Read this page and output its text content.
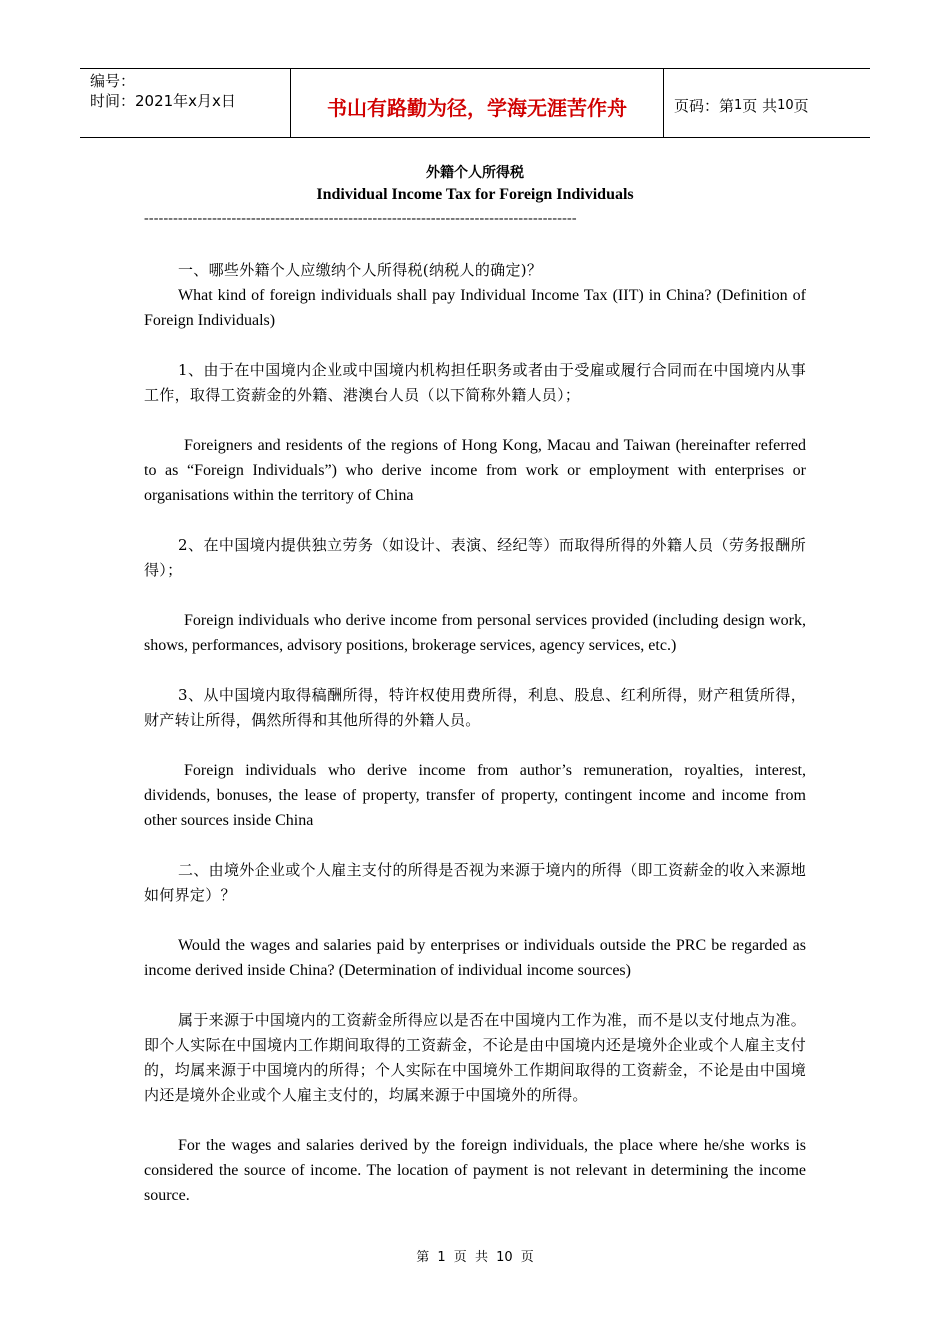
编号：
时间：2021年x月x日	书山有路勤为径，学海无涯苦作舟	页码：第 1 页 共 10 页
外籍个人所得税
Individual Income Tax for Foreign Individuals
-----------------------------------------------------------------------------------------

一、哪些外籍个人应缴纳个人所得税(纳税人的确定)？

What kind of foreign individuals shall pay Individual Income Tax (IIT) in China? (Definition of Foreign Individuals)

1、由于在中国境内企业或中国境内机构担任职务或者由于受雇或履行合同而在中国境内从事工作，取得工资薪金的外籍、港澳台人员（以下简称外籍人员）；

Foreigners and residents of the regions of Hong Kong, Macau and Taiwan (hereinafter referred to as “Foreign Individuals”) who derive income from work or employment with enterprises or organisations within the territory of China

2、在中国境内提供独立劳务（如设计、表演、经纪等）而取得所得的外籍人员（劳务报酬所得）；

Foreign individuals who derive income from personal services provided (including design work, shows, performances, advisory positions, brokerage services, agency services, etc.)

3、从中国境内取得稿酬所得，特许权使用费所得，利息、股息、红利所得，财产租赁所得，财产转让所得，偶然所得和其他所得的外籍人员。

Foreign individuals who derive income from author’s remuneration, royalties, interest, dividends, bonuses, the lease of property, transfer of property, contingent income and income from other sources inside China

二、由境外企业或个人雇主支付的所得是否视为来源于境内的所得（即工资薪金的收入来源地如何界定）？

Would the wages and salaries paid by enterprises or individuals outside the PRC be regarded as income derived inside China? (Determination of individual income sources)

属于来源于中国境内的工资薪金所得应以是否在中国境内工作为准，而不是以支付地点为准。即个人实际在中国境内工作期间取得的工资薪金，不论是由中国境内还是境外企业或个人雇主支付的，均属来源于中国境内的所得；个人实际在中国境外工作期间取得的工资薪金，不论是由中国境内还是境外企业或个人雇主支付的，均属来源于中国境外的所得。

For the wages and salaries derived by the foreign individuals, the place where he/she works is considered the source of income. The location of payment is not relevant in determining the income source.

第 1 页 共 10 页
